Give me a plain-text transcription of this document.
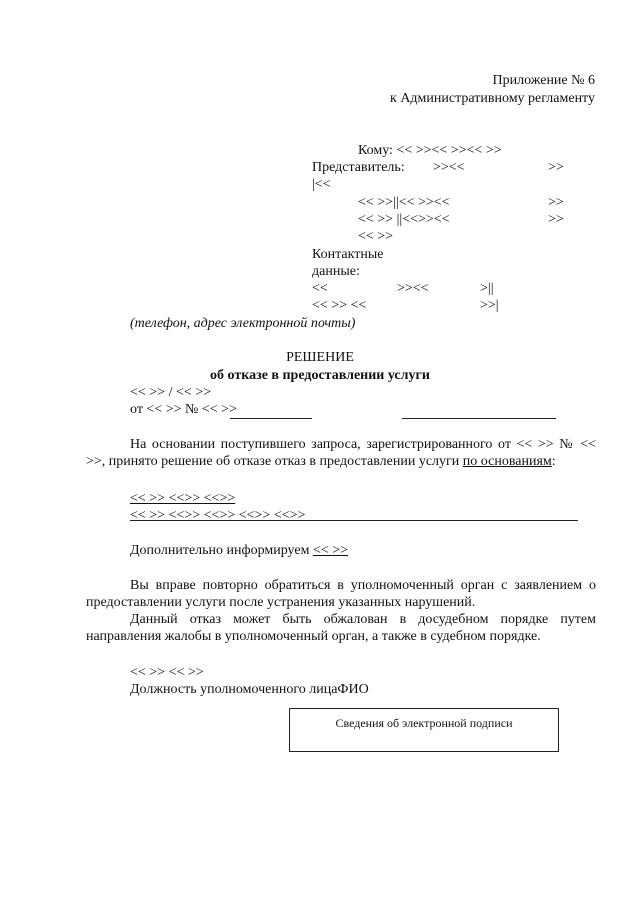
Приложение № 6
к Административному регламенту
Кому: << >><< >><< >>
Представитель: >><<	>>
|<<
<< >>||<< >><<	>>
<< >> ||<<>><<	>>
<< >>
Контактные
данные:
<<	>><<	>||
<< >> <<	>>|
(телефон, адрес электронной почты)
РЕШЕНИЕ
об отказе в предоставлении услуги
<< >> / << >>
от << >> № << >>
На основании поступившего запроса, зарегистрированного от << >> № << >>, принято решение об отказе отказ в предоставлении услуги по основаниям:
<< >> <<>> <<>>
<< >> <<>> <<>> <<>> <<>>
Дополнительно информируем << >>
Вы вправе повторно обратиться в уполномоченный орган с заявлением о предоставлении услуги после устранения указанных нарушений.
Данный отказ может быть обжалован в досудебном порядке путем
направления жалобы в уполномоченный орган, а также в судебном порядке.
<< >> << >>
Должность уполномоченного лицаФИО
Сведения об электронной подписи
